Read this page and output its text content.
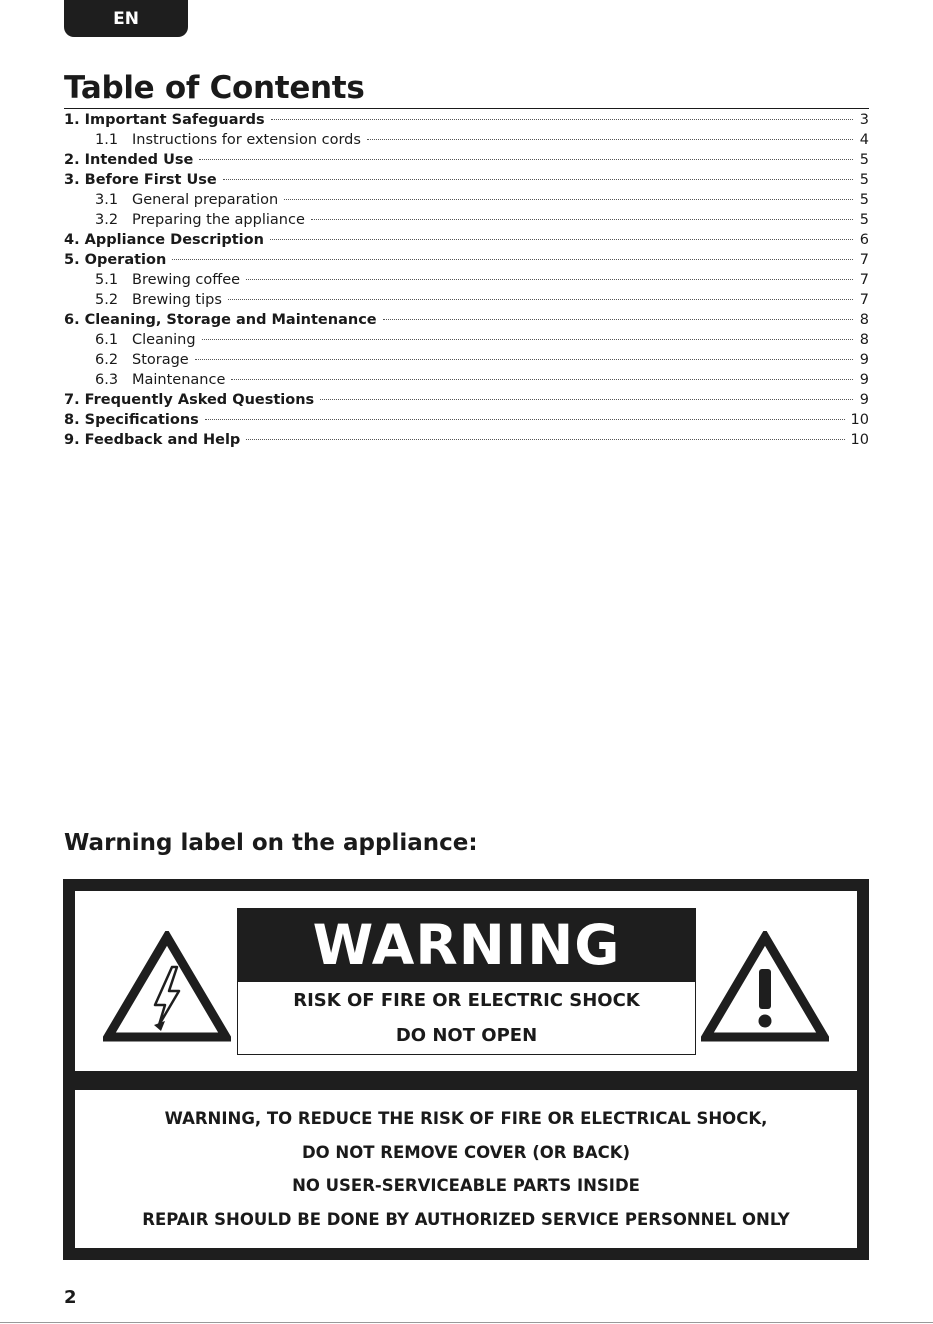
EN
Table of Contents
1. Important Safeguards	3
1.1 Instructions for extension cords	4
2. Intended Use	5
3. Before First Use	5
3.1 General preparation	5
3.2 Preparing the appliance	5
4. Appliance Description	6
5. Operation	7
5.1 Brewing coffee	7
5.2 Brewing tips	7
6. Cleaning, Storage and Maintenance	8
6.1 Cleaning	8
6.2 Storage	9
6.3 Maintenance	9
7. Frequently Asked Questions	9
8. Specifications	10
9. Feedback and Help	10
Warning label on the appliance:
WARNING
RISK OF FIRE OR ELECTRIC SHOCK
DO NOT OPEN
WARNING, TO REDUCE THE RISK OF FIRE OR ELECTRICAL SHOCK,
DO NOT REMOVE COVER (OR BACK)
NO USER-SERVICEABLE PARTS INSIDE
REPAIR SHOULD BE DONE BY AUTHORIZED SERVICE PERSONNEL ONLY
2
